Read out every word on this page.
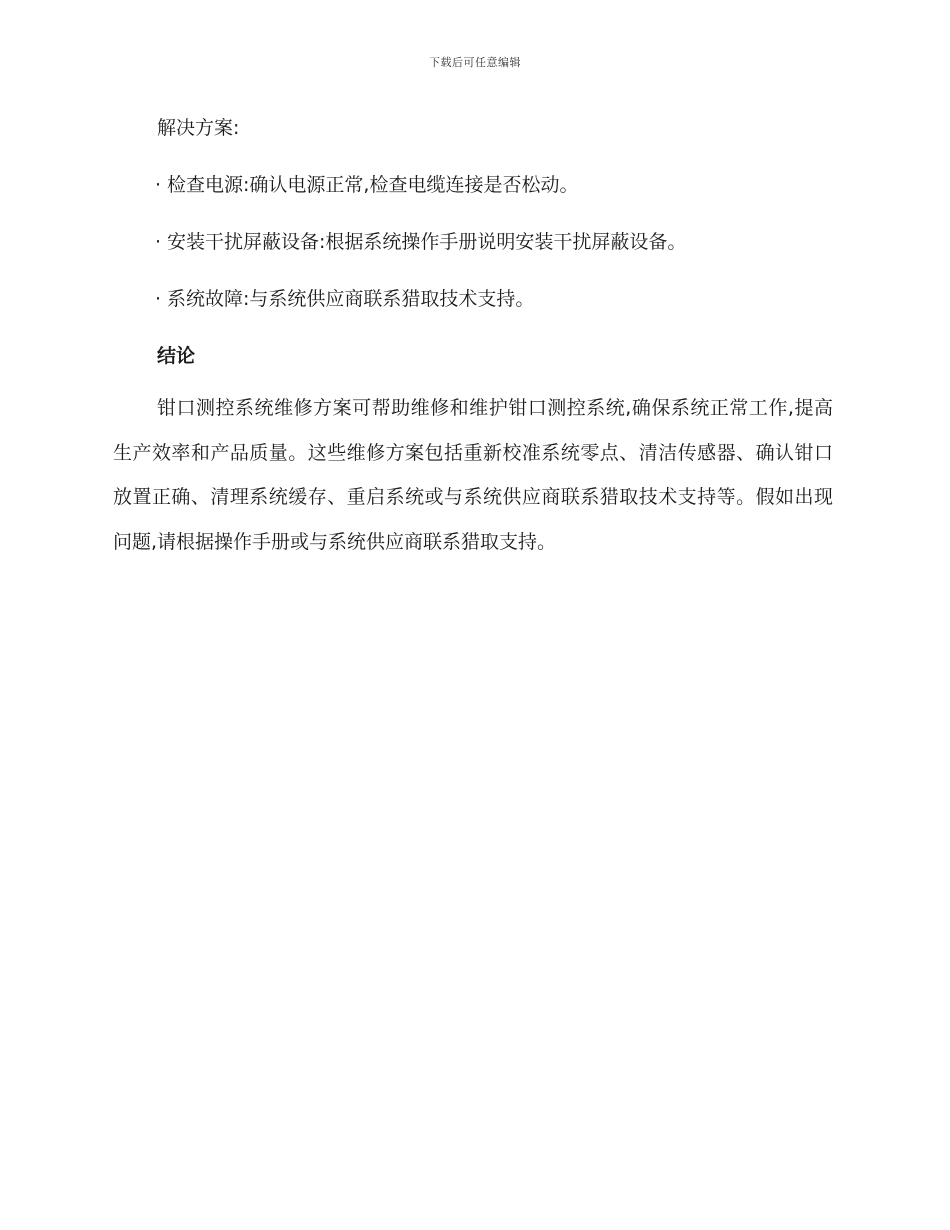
下载后可任意编辑

解决方案:

· 检查电源:确认电源正常,检查电缆连接是否松动。

· 安装干扰屏蔽设备:根据系统操作手册说明安装干扰屏蔽设备。

· 系统故障:与系统供应商联系猎取技术支持。

结论

钳口测控系统维修方案可帮助维修和维护钳口测控系统,确保系统正常工作,提高生产效率和产品质量。这些维修方案包括重新校准系统零点、清洁传感器、确认钳口放置正确、清理系统缓存、重启系统或与系统供应商联系猎取技术支持等。假如出现问题,请根据操作手册或与系统供应商联系猎取支持。
